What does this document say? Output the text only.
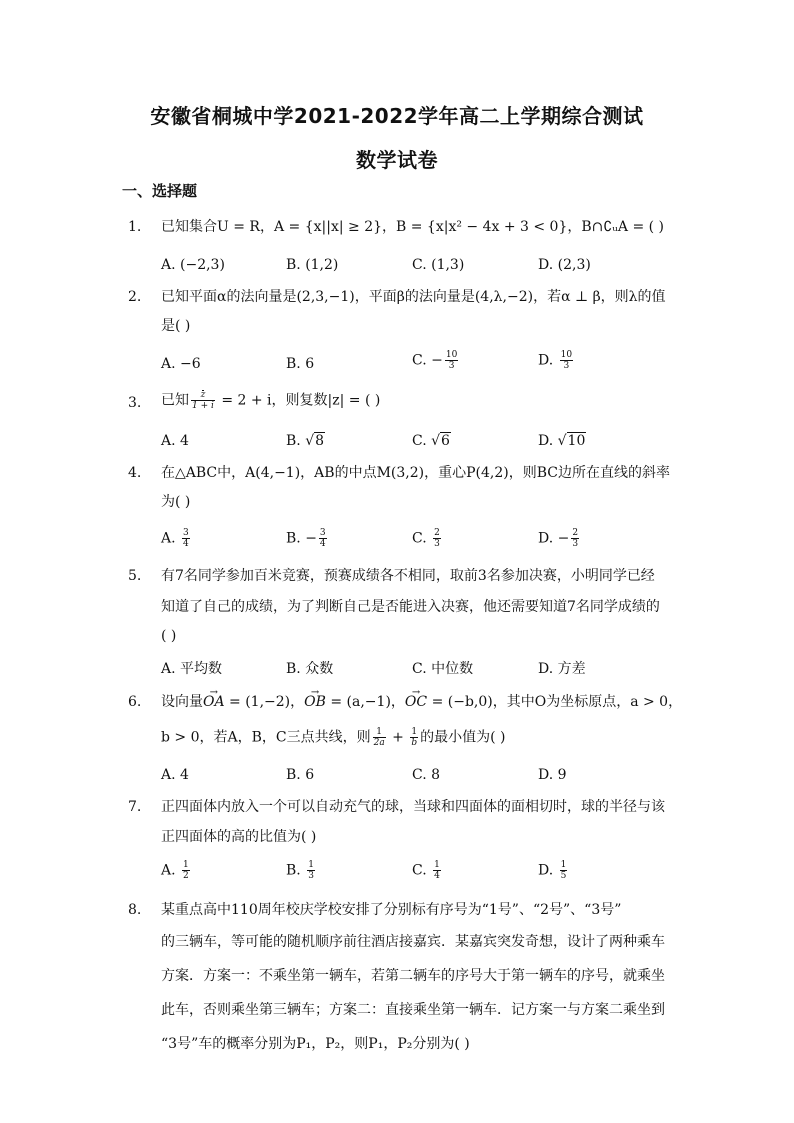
安徽省桐城中学2021-2022学年高二上学期综合测试
数学试卷
一、选择题
1. 已知集合U = R，A = {x||x| ≥ 2}，B = {x|x² − 4x + 3 < 0}，B∩∁ᵤA = ( )
A. (−2,3)	B. (1,2)	C. (1,3)	D. (2,3)
2. 已知平面α的法向量是(2,3,−1)，平面β的法向量是(4,λ,−2)，若α ⊥ β，则λ的值
是( )
A. −6	B. 6	C. − $\frac{10}{3}$	D. $\frac{10}{3}$
3. 已知 $\frac{z}{1 + i} = 2 + i$，则复数|z| = ( )
A. 4	B. √8	C. √6	D. √10
4. 在△ABC中，A(4,−1)，AB的中点M(3,2)，重心P(4,2)，则BC边所在直线的斜率
为( )
A. $\frac{3}{4}$	B. − $\frac{3}{4}$	C. $\frac{2}{3}$	D. − $\frac{2}{3}$
5. 有7名同学参加百米竞赛，预赛成绩各不相同，取前3名参加决赛，小明同学已经
知道了自己的成绩，为了判断自己是否能进入决赛，他还需要知道7名同学成绩的
( )
A. 平均数	B. 众数	C. 中位数	D. 方差
6. 设向量→ OA = (1,−2)，→ OB = (a,−1)，→ OC = (−b,0)，其中O为坐标原点，a > 0，
b > 0，若A，B，C三点共线，则 $\frac{1}{2a} + \frac{1}{b}$ 的最小值为( )
A. 4	B. 6	C. 8	D. 9
7. 正四面体内放入一个可以自动充气的球，当球和四面体的面相切时，球的半径与该
正四面体的高的比值为( )
A. $\frac{1}{2}$	B. $\frac{1}{3}$	C. $\frac{1}{4}$	D. $\frac{1}{5}$
8. 某重点高中110周年校庆学校安排了分别标有序号为“1号”、“2号”、“3号”
的三辆车，等可能的随机顺序前往酒店接嘉宾．某嘉宾突发奇想，设计了两种乘车
方案．方案一：不乘坐第一辆车，若第二辆车的序号大于第一辆车的序号，就乘坐
此车，否则乘坐第三辆车；方案二：直接乘坐第一辆车．记方案一与方案二乘坐到
“3号”车的概率分别为P₁，P₂，则P₁，P₂分别为( )
